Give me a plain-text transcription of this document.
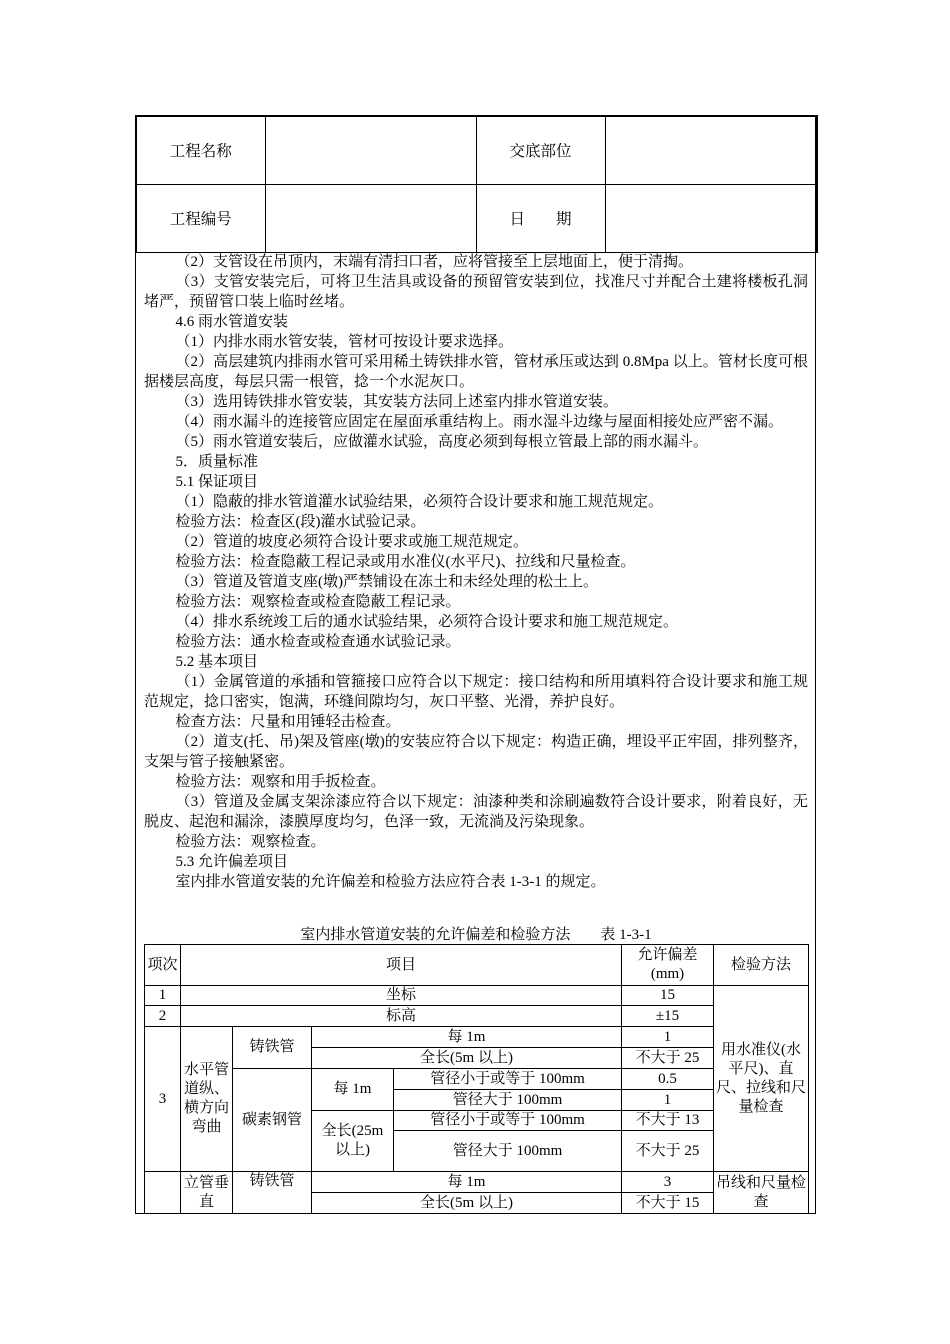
工程名称		交底部位	
工程编号		日　　期	

（2）支管设在吊顶内，末端有清扫口者，应将管接至上层地面上，便于清掏。

（3）支管安装完后，可将卫生洁具或设备的预留管安装到位，找准尺寸并配合土建将楼板孔洞堵严，预留管口装上临时丝堵。

4.6 雨水管道安装

（1）内排水雨水管安装，管材可按设计要求选择。

（2）高层建筑内排雨水管可采用稀土铸铁排水管，管材承压或达到 0.8Mpa 以上。管材长度可根据楼层高度，每层只需一根管，捻一个水泥灰口。

（3）选用铸铁排水管安装，其安装方法同上述室内排水管道安装。

（4）雨水漏斗的连接管应固定在屋面承重结构上。雨水湿斗边缘与屋面相接处应严密不漏。

（5）雨水管道安装后，应做灌水试验，高度必须到每根立管最上部的雨水漏斗。

5．质量标准

5.1 保证项目

（1）隐蔽的排水管道灌水试验结果，必须符合设计要求和施工规范规定。

检验方法：检查区(段)灌水试验记录。

（2）管道的坡度必须符合设计要求或施工规范规定。

检验方法：检查隐蔽工程记录或用水准仪(水平尺)、拉线和尺量检查。

（3）管道及管道支座(墩)严禁铺设在冻土和未经处理的松土上。

检验方法：观察检查或检查隐蔽工程记录。

（4）排水系统竣工后的通水试验结果，必须符合设计要求和施工规范规定。

检验方法：通水检查或检查通水试验记录。

5.2 基本项目

（1）金属管道的承插和管箍接口应符合以下规定：接口结构和所用填料符合设计要求和施工规范规定，捻口密实，饱满，环缝间隙均匀，灰口平整、光滑，养护良好。

检查方法：尺量和用锤轻击检查。

（2）道支(托、吊)架及管座(墩)的安装应符合以下规定：构造正确，埋设平正牢固，排列整齐，支架与管子接触紧密。

检验方法：观察和用手扳检查。

（3）管道及金属支架涂漆应符合以下规定：油漆种类和涂刷遍数符合设计要求，附着良好，无脱皮、起泡和漏涂，漆膜厚度均匀，色泽一致，无流淌及污染现象。

检验方法：观察检查。

5.3 允许偏差项目

室内排水管道安装的允许偏差和检验方法应符合表 1-3-1 的规定。

室内排水管道安装的允许偏差和检验方法 表 1-3-1
项次	项目				允许偏差(mm)	检验方法
1	坐标				15	用水准仪(水平尺)、直尺、拉线和尺量检查
2	标高				±15	
3	水平管道纵、横方向弯曲	铸铁管	每 1m		1	
			全长(5m 以上)		不大于 25	
		碳素钢管	每 1m	管径小于或等于 100mm	0.5	
				管径大于 100mm	1	
			全长(25m 以上)	管径小于或等于 100mm	不大于 13	
				管径大于 100mm	不大于 25	
	立管垂直	铸铁管	每 1m		3	吊线和尺量检查
			全长(5m 以上)		不大于 15	
